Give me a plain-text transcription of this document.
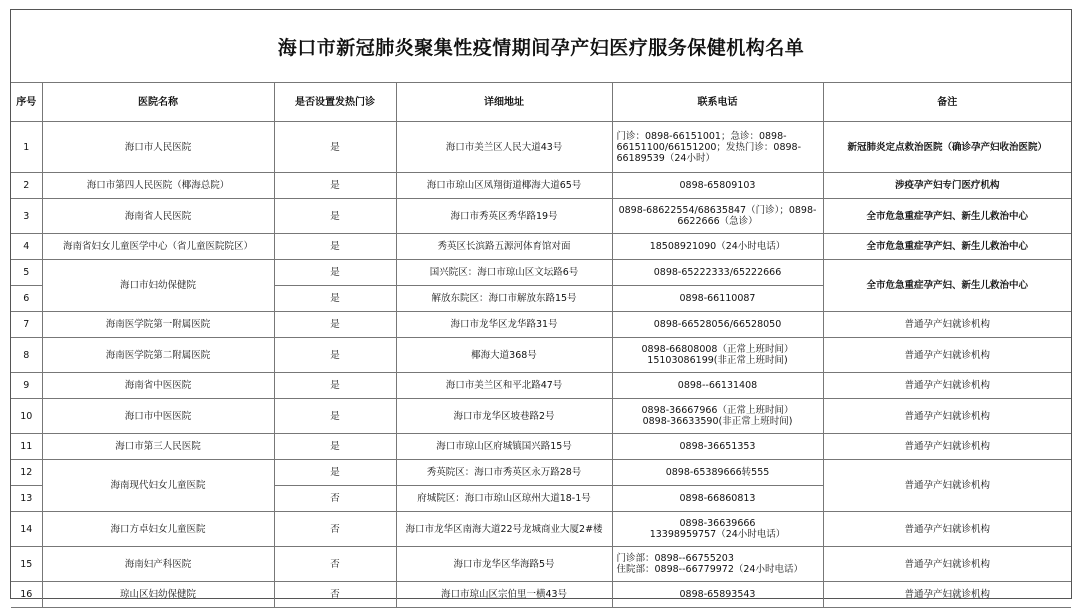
海口市新冠肺炎聚集性疫情期间孕产妇医疗服务保健机构名单
序号	医院名称	是否设置发热门诊	详细地址	联系电话	备注
1	海口市人民医院	是	海口市美兰区人民大道43号	门诊：0898-66151001；急诊：0898-66151100/66151200；发热门诊：0898-66189539（24小时）	新冠肺炎定点救治医院（确诊孕产妇收治医院）
2	海口市第四人民医院（椰海总院）	是	海口市琼山区凤翔街道椰海大道65号	0898-65809103	涉疫孕产妇专门医疗机构
3	海南省人民医院	是	海口市秀英区秀华路19号	0898-68622554/68635847（门诊）；0898-6622666（急诊）	全市危急重症孕产妇、新生儿救治中心
4	海南省妇女儿童医学中心（省儿童医院院区）	是	秀英区长滨路五源河体育馆对面	18508921090（24小时电话）	全市危急重症孕产妇、新生儿救治中心
5	海口市妇幼保健院	是	国兴院区：海口市琼山区文坛路6号	0898-65222333/65222666	全市危急重症孕产妇、新生儿救治中心
6		是	解放东院区：海口市解放东路15号	0898-66110087	
7	海南医学院第一附属医院	是	海口市龙华区龙华路31号	0898-66528056/66528050	普通孕产妇就诊机构
8	海南医学院第二附属医院	是	椰海大道368号	0898-66808008（正常上班时间）
15103086199(非正常上班时间)	普通孕产妇就诊机构
9	海南省中医医院	是	海口市美兰区和平北路47号	0898--66131408	普通孕产妇就诊机构
10	海口市中医医院	是	海口市龙华区坡巷路2号	0898-36667966（正常上班时间）
0898-36633590(非正常上班时间)	普通孕产妇就诊机构
11	海口市第三人民医院	是	海口市琼山区府城镇国兴路15号	0898-36651353	普通孕产妇就诊机构
12	海南现代妇女儿童医院	是	秀英院区：海口市秀英区永万路28号	0898-65389666转555	普通孕产妇就诊机构
13		否	府城院区：海口市琼山区琼州大道18-1号	0898-66860813	
14	海口方卓妇女儿童医院	否	海口市龙华区南海大道22号龙城商业大厦2#楼	0898-36639666
13398959757（24小时电话）	普通孕产妇就诊机构
15	海南妇产科医院	否	海口市龙华区华海路5号	门诊部：0898--66755203
住院部：0898--66779972（24小时电话）	普通孕产妇就诊机构
16	琼山区妇幼保健院	否	海口市琼山区宗伯里一横43号	0898-65893543	普通孕产妇就诊机构
